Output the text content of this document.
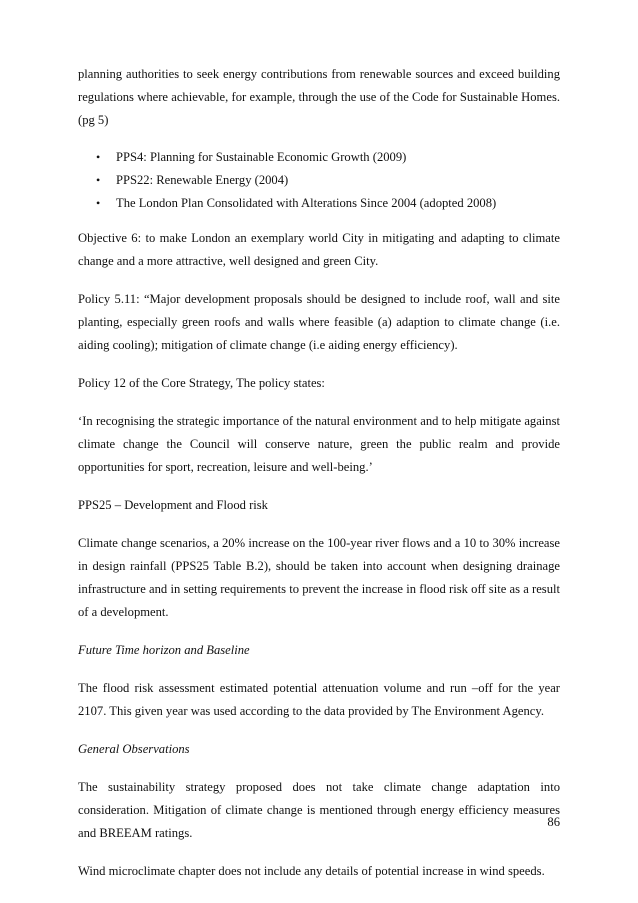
planning authorities to seek energy contributions from renewable sources and exceed building regulations where achievable, for example, through the use of the Code for Sustainable Homes. (pg 5)

• PPS4: Planning for Sustainable Economic Growth (2009)
• PPS22: Renewable Energy (2004)
• The London Plan Consolidated with Alterations Since 2004 (adopted 2008)

Objective 6: to make London an exemplary world City in mitigating and adapting to climate change and a more attractive, well designed and green City.

Policy 5.11: “Major development proposals should be designed to include roof, wall and site planting, especially green roofs and walls where feasible (a) adaption to climate change (i.e. aiding cooling); mitigation of climate change (i.e aiding energy efficiency).

Policy 12 of the Core Strategy, The policy states:

‘In recognising the strategic importance of the natural environment and to help mitigate against climate change the Council will conserve nature, green the public realm and provide opportunities for sport, recreation, leisure and well-being.’

PPS25 – Development and Flood risk

Climate change scenarios, a 20% increase on the 100-year river flows and a 10 to 30% increase in design rainfall (PPS25 Table B.2), should be taken into account when designing drainage infrastructure and in setting requirements to prevent the increase in flood risk off site as a result of a development.

Future Time horizon and Baseline

The flood risk assessment estimated potential attenuation volume and run –off for the year 2107. This given year was used according to the data provided by The Environment Agency.

General Observations

The sustainability strategy proposed does not take climate change adaptation into consideration. Mitigation of climate change is mentioned through energy efficiency measures and BREEAM ratings.

Wind microclimate chapter does not include any details of potential increase in wind speeds.

86
